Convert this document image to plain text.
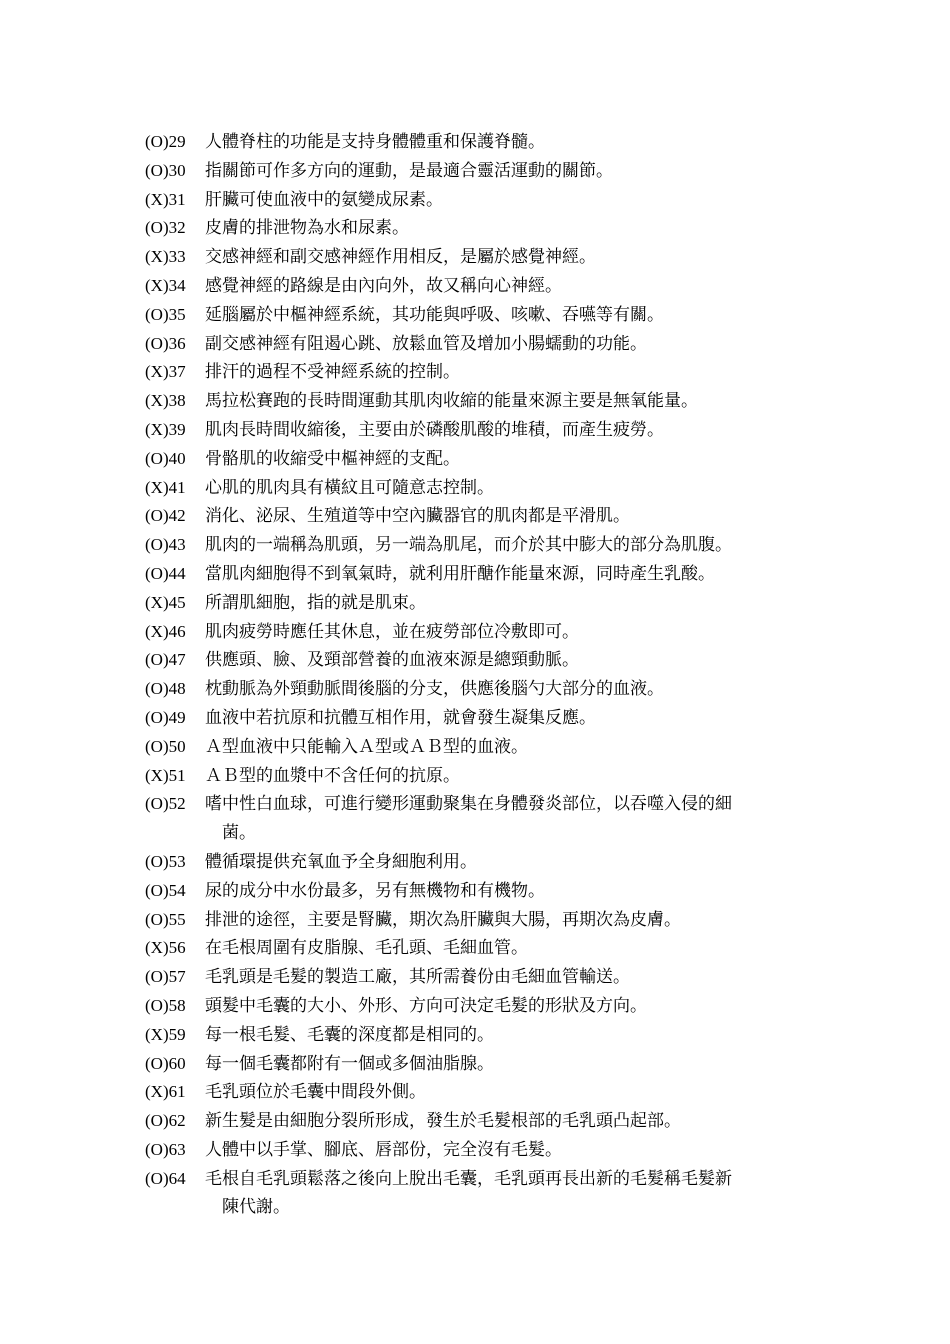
(O)29	人體脊柱的功能是支持身體體重和保護脊髓。
(O)30	指關節可作多方向的運動，是最適合靈活運動的關節。
(X)31	肝臟可使血液中的氨變成尿素。
(O)32	皮膚的排泄物為水和尿素。
(X)33	交感神經和副交感神經作用相反，是屬於感覺神經。
(X)34	感覺神經的路線是由內向外，故又稱向心神經。
(O)35	延腦屬於中樞神經系統，其功能與呼吸、咳嗽、吞嚥等有關。
(O)36	副交感神經有阻遏心跳、放鬆血管及增加小腸蠕動的功能。
(X)37	排汗的過程不受神經系統的控制。
(X)38	馬拉松賽跑的長時間運動其肌肉收縮的能量來源主要是無氧能量。
(X)39	肌肉長時間收縮後，主要由於磷酸肌酸的堆積，而產生疲勞。
(O)40	骨骼肌的收縮受中樞神經的支配。
(X)41	心肌的肌肉具有橫紋且可隨意志控制。
(O)42	消化、泌尿、生殖道等中空內臟器官的肌肉都是平滑肌。
(O)43	肌肉的一端稱為肌頭，另一端為肌尾，而介於其中膨大的部分為肌腹。
(O)44	當肌肉細胞得不到氧氣時，就利用肝醣作能量來源，同時產生乳酸。
(X)45	所謂肌細胞，指的就是肌束。
(X)46	肌肉疲勞時應任其休息，並在疲勞部位冷敷即可。
(O)47	供應頭、臉、及頸部營養的血液來源是總頸動脈。
(O)48	枕動脈為外頸動脈間後腦的分支，供應後腦勺大部分的血液。
(O)49	血液中若抗原和抗體互相作用，就會發生凝集反應。
(O)50	Ａ型血液中只能輸入Ａ型或ＡＢ型的血液。
(X)51	ＡＢ型的血漿中不含任何的抗原。
(O)52	嗜中性白血球，可進行變形運動聚集在身體發炎部位，以吞噬入侵的細
菌。
(O)53	體循環提供充氧血予全身細胞利用。
(O)54	尿的成分中水份最多，另有無機物和有機物。
(O)55	排泄的途徑，主要是腎臟，期次為肝臟與大腸，再期次為皮膚。
(X)56	在毛根周圍有皮脂腺、毛孔頭、毛細血管。
(O)57	毛乳頭是毛髮的製造工廠，其所需養份由毛細血管輸送。
(O)58	頭髮中毛囊的大小、外形、方向可決定毛髮的形狀及方向。
(X)59	每一根毛髮、毛囊的深度都是相同的。
(O)60	每一個毛囊都附有一個或多個油脂腺。
(X)61	毛乳頭位於毛囊中間段外側。
(O)62	新生髮是由細胞分裂所形成，發生於毛髮根部的毛乳頭凸起部。
(O)63	人體中以手掌、腳底、唇部份，完全沒有毛髮。
(O)64	毛根自毛乳頭鬆落之後向上脫出毛囊，毛乳頭再長出新的毛髮稱毛髮新
陳代謝。
